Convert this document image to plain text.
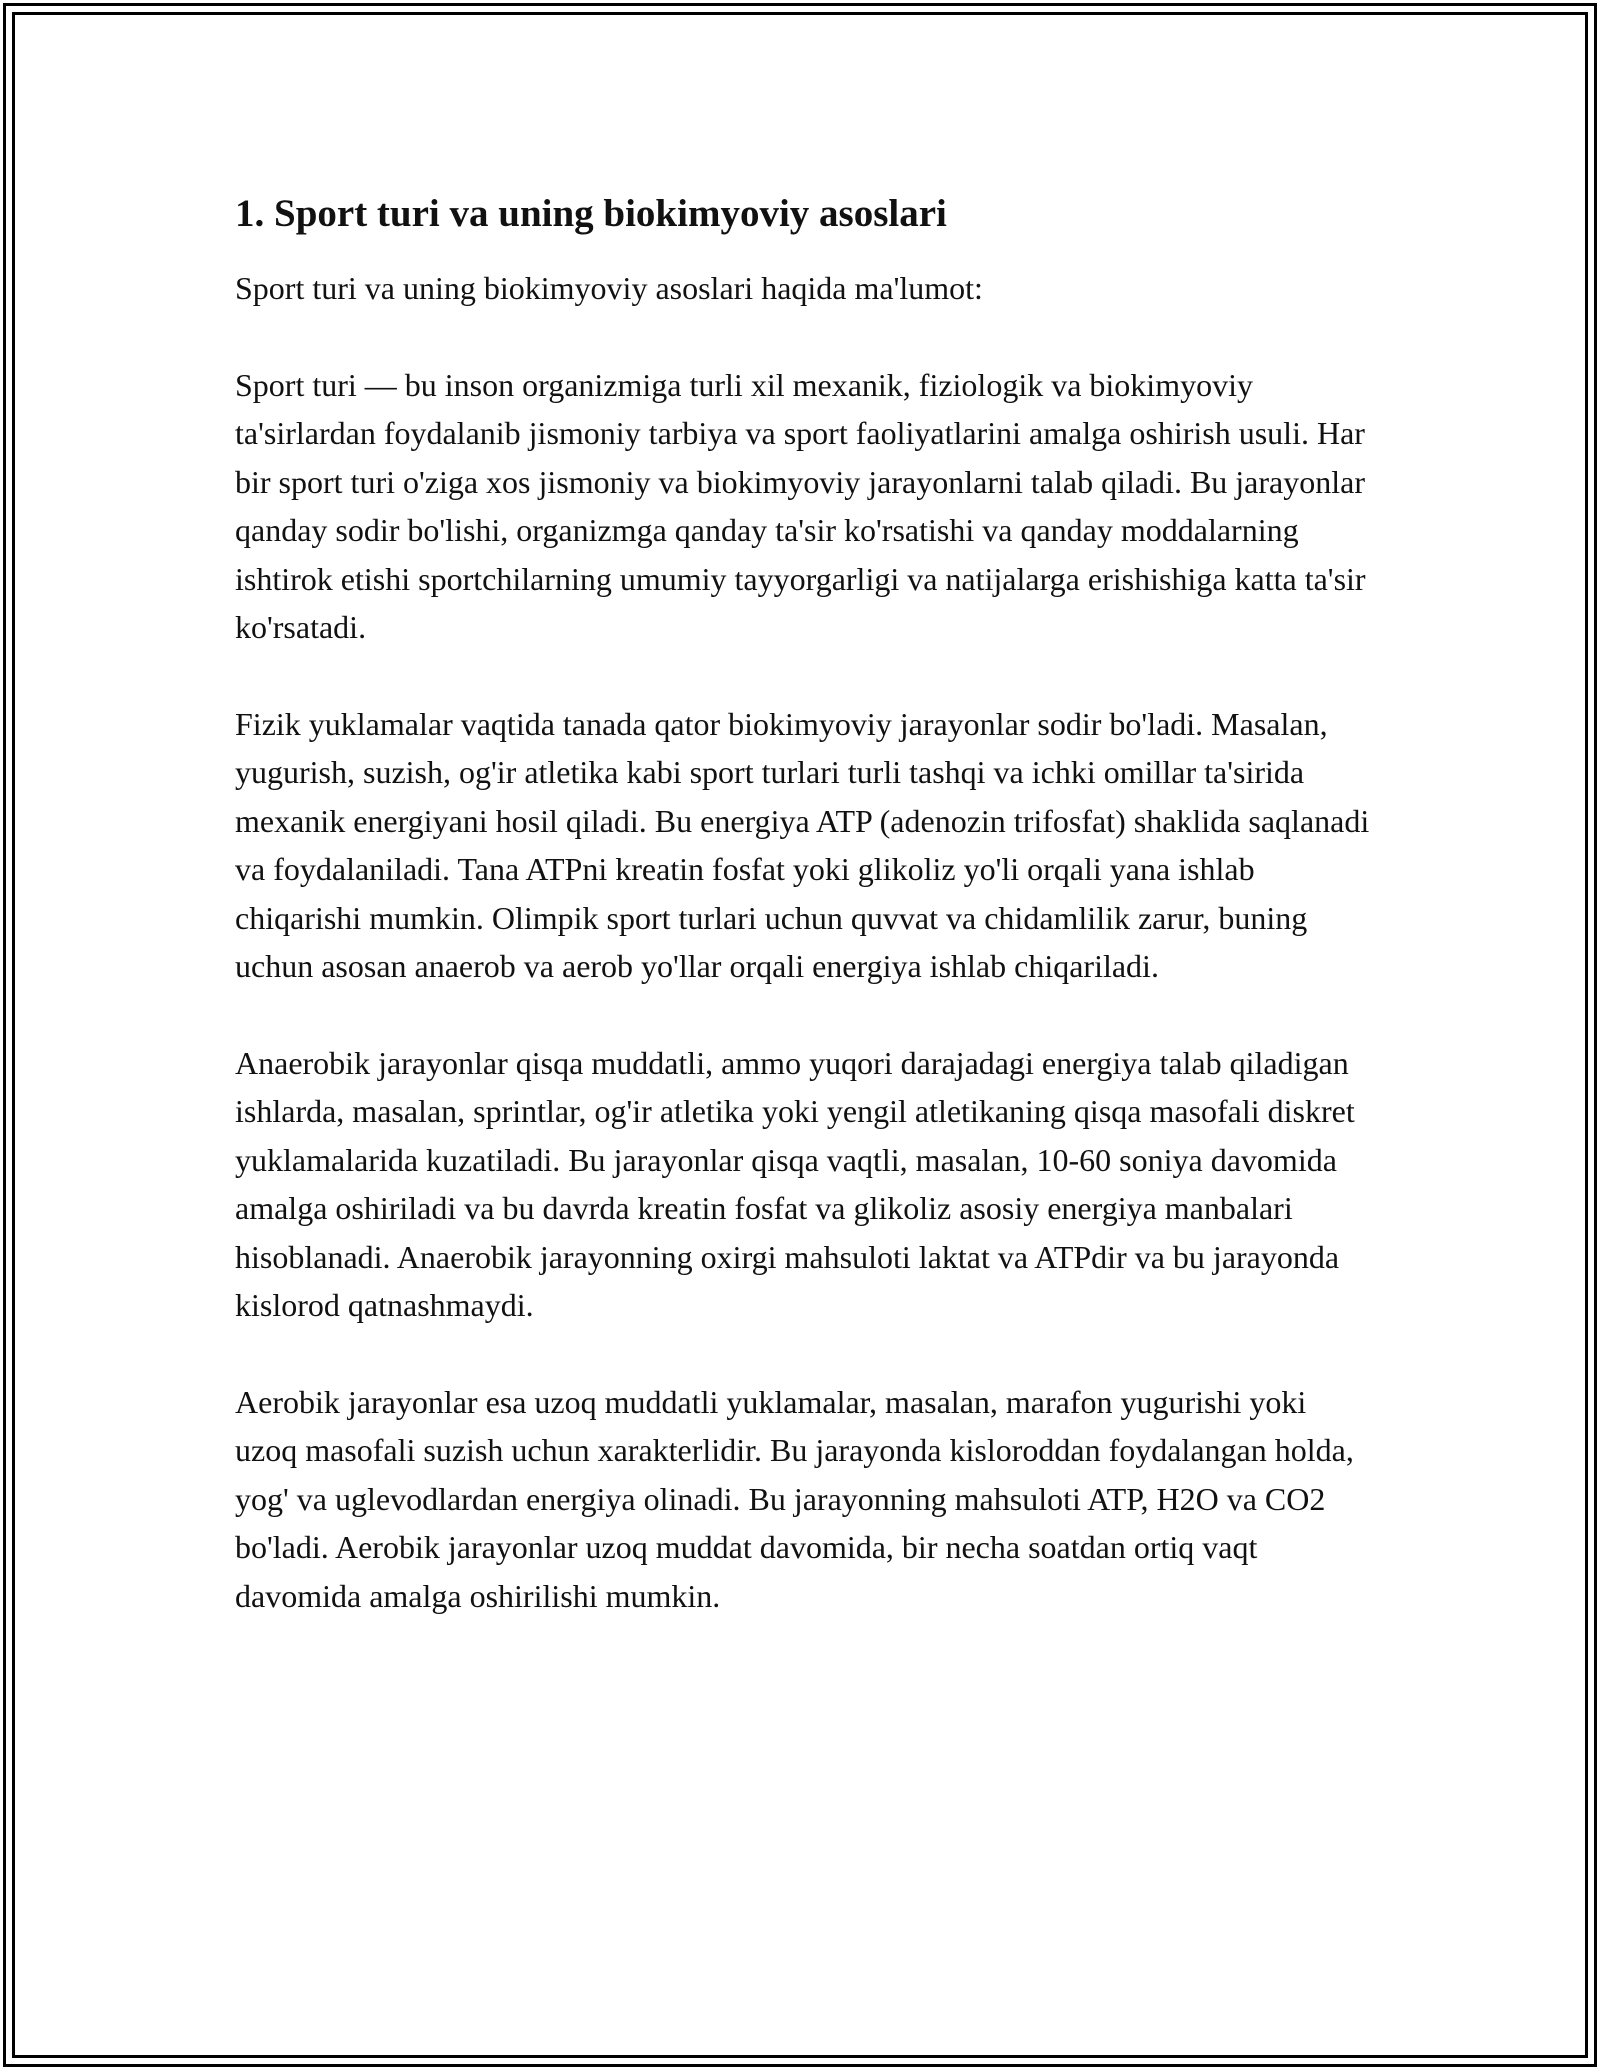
1. Sport turi va uning biokimyoviy asoslari

Sport turi va uning biokimyoviy asoslari haqida ma'lumot:

Sport turi — bu inson organizmiga turli xil mexanik, fiziologik va biokimyoviy ta'sirlardan foydalanib jismoniy tarbiya va sport faoliyatlarini amalga oshirish usuli. Har bir sport turi o'ziga xos jismoniy va biokimyoviy jarayonlarni talab qiladi. Bu jarayonlar qanday sodir bo'lishi, organizmga qanday ta'sir ko'rsatishi va qanday moddalarning ishtirok etishi sportchilarning umumiy tayyorgarligi va natijalarga erishishiga katta ta'sir ko'rsatadi.

Fizik yuklamalar vaqtida tanada qator biokimyoviy jarayonlar sodir bo'ladi. Masalan, yugurish, suzish, og'ir atletika kabi sport turlari turli tashqi va ichki omillar ta'sirida mexanik energiyani hosil qiladi. Bu energiya ATP (adenozin trifosfat) shaklida saqlanadi va foydalaniladi. Tana ATPni kreatin fosfat yoki glikoliz yo'li orqali yana ishlab chiqarishi mumkin. Olimpik sport turlari uchun quvvat va chidamlilik zarur, buning uchun asosan anaerob va aerob yo'llar orqali energiya ishlab chiqariladi.

Anaerobik jarayonlar qisqa muddatli, ammo yuqori darajadagi energiya talab qiladigan ishlarda, masalan, sprintlar, og'ir atletika yoki yengil atletikaning qisqa masofali diskret yuklamalarida kuzatiladi. Bu jarayonlar qisqa vaqtli, masalan, 10-60 soniya davomida amalga oshiriladi va bu davrda kreatin fosfat va glikoliz asosiy energiya manbalari hisoblanadi. Anaerobik jarayonning oxirgi mahsuloti laktat va ATPdir va bu jarayonda kislorod qatnashmaydi.

Aerobik jarayonlar esa uzoq muddatli yuklamalar, masalan, marafon yugurishi yoki uzoq masofali suzish uchun xarakterlidir. Bu jarayonda kisloroddan foydalangan holda, yog' va uglevodlardan energiya olinadi. Bu jarayonning mahsuloti ATP, H2O va CO2 bo'ladi. Aerobik jarayonlar uzoq muddat davomida, bir necha soatdan ortiq vaqt davomida amalga oshirilishi mumkin.
